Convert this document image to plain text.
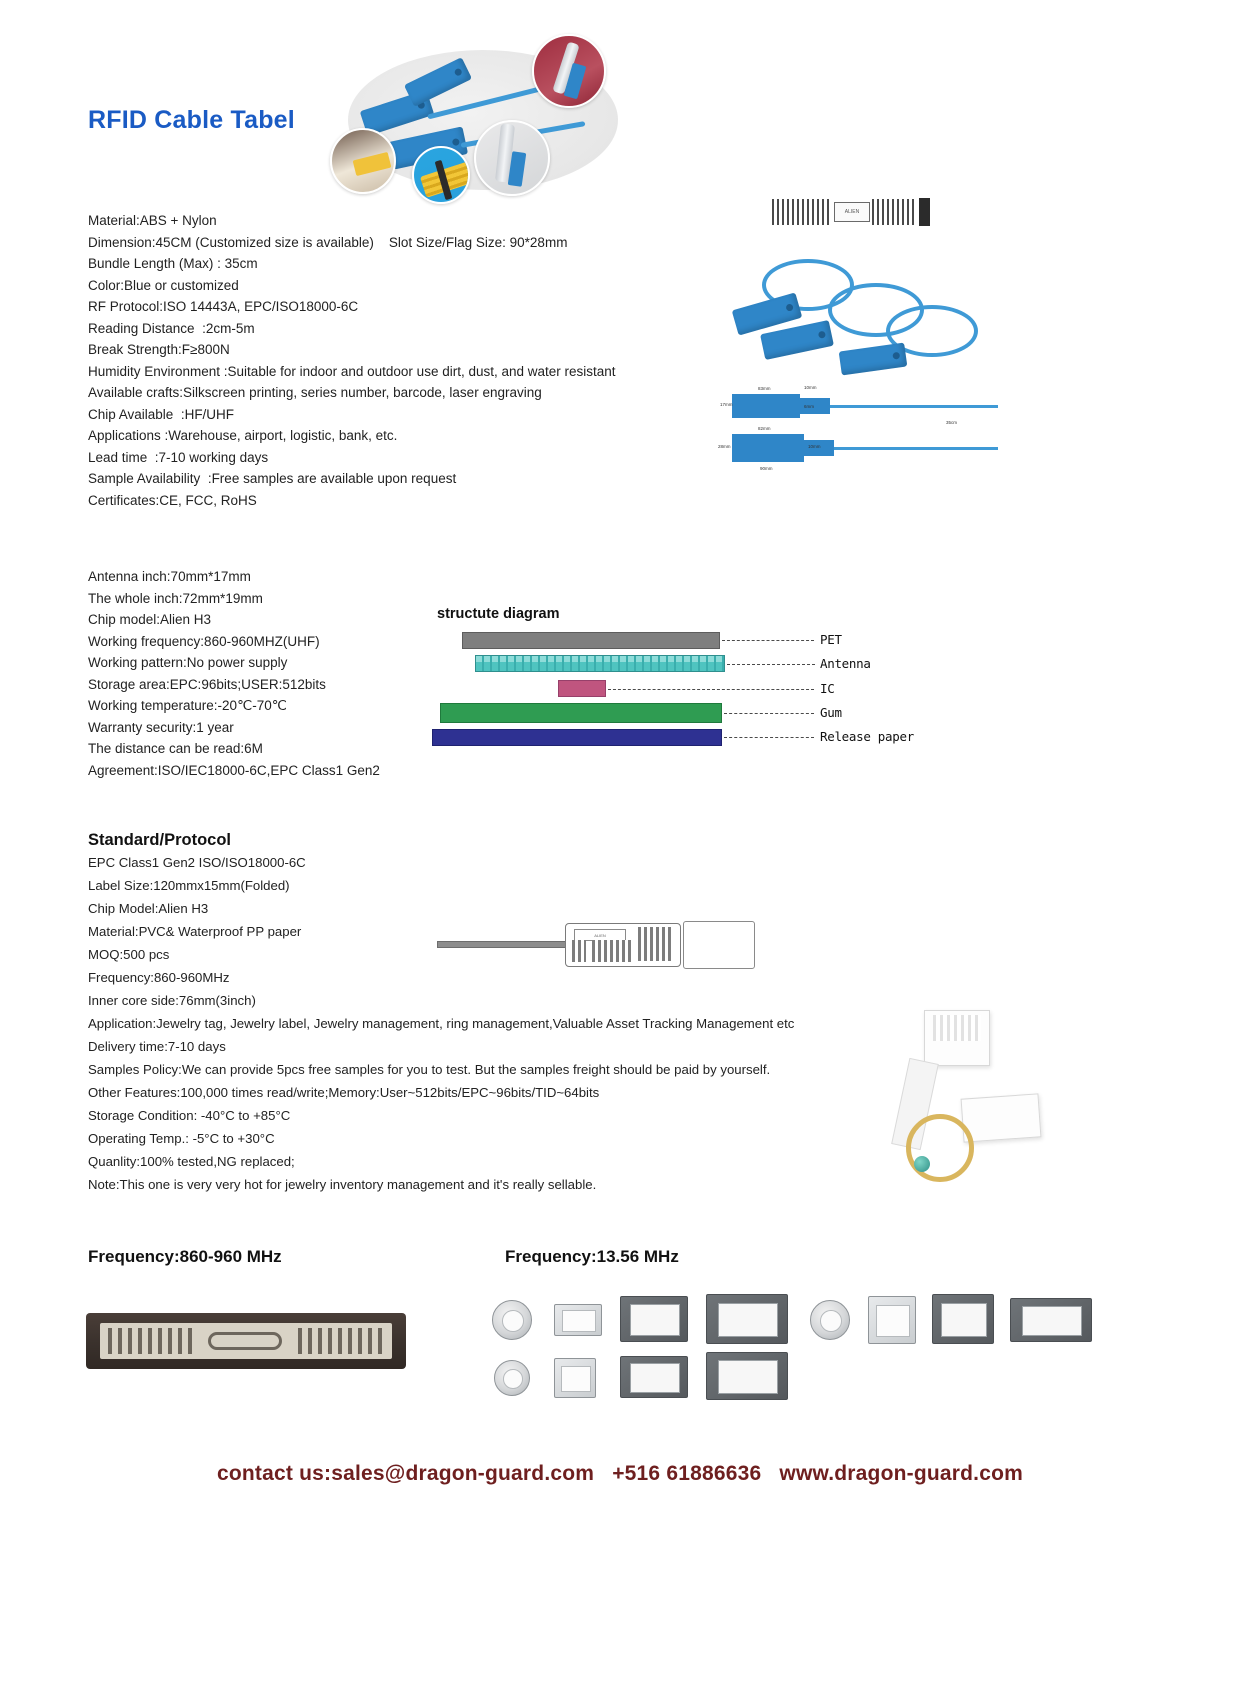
RFID Cable Tabel
Material:ABS + Nylon
Dimension:45CM (Customized size is available)    Slot Size/Flag Size: 90*28mm
Bundle Length (Max) : 35cm
Color:Blue or customized
RF Protocol:ISO 14443A, EPC/ISO18000-6C
Reading Distance  :2cm-5m
Break Strength:F≥800N
Humidity Environment :Suitable for indoor and outdoor use dirt, dust, and water resistant
Available crafts:Silkscreen printing, series number, barcode, laser engraving
Chip Available  :HF/UHF
Applications :Warehouse, airport, logistic, bank, etc.
Lead time  :7-10 working days
Sample Availability  :Free samples are available upon request
Certificates:CE, FCC, RoHS
ALIEN
83mm	10mm
17mm	6mm
82mm
28mm	10mm
90mm
35cm
Antenna inch:70mm*17mm
The whole inch:72mm*19mm
Chip model:Alien H3
Working frequency:860-960MHZ(UHF)
Working pattern:No power supply
Storage area:EPC:96bits;USER:512bits
Working temperature:-20℃-70℃
Warranty security:1 year
The distance can be read:6M
Agreement:ISO/IEC18000-6C,EPC Class1 Gen2
structute diagram
PET
Antenna
IC
Gum
Release paper
Standard/Protocol
EPC Class1 Gen2 ISO/ISO18000-6C
Label Size:120mmx15mm(Folded)
Chip Model:Alien H3
Material:PVC& Waterproof PP paper
MOQ:500 pcs
Frequency:860-960MHz
Inner core side:76mm(3inch)
Application:Jewelry tag, Jewelry label, Jewelry management, ring management,Valuable Asset Tracking Management etc
Delivery time:7-10 days
Samples Policy:We can provide 5pcs free samples for you to test. But the samples freight should be paid by yourself.
Other Features:100,000 times read/write;Memory:User~512bits/EPC~96bits/TID~64bits
Storage Condition: -40°C to +85°C
Operating Temp.: -5°C to +30°C
Quanlity:100% tested,NG replaced;
Note:This one is very very hot for jewelry inventory management and it's really sellable.
ALIEN
Frequency:860-960 MHz	Frequency:13.56 MHz
contact us:sales@dragon-guard.com +516 61886636 www.dragon-guard.com
